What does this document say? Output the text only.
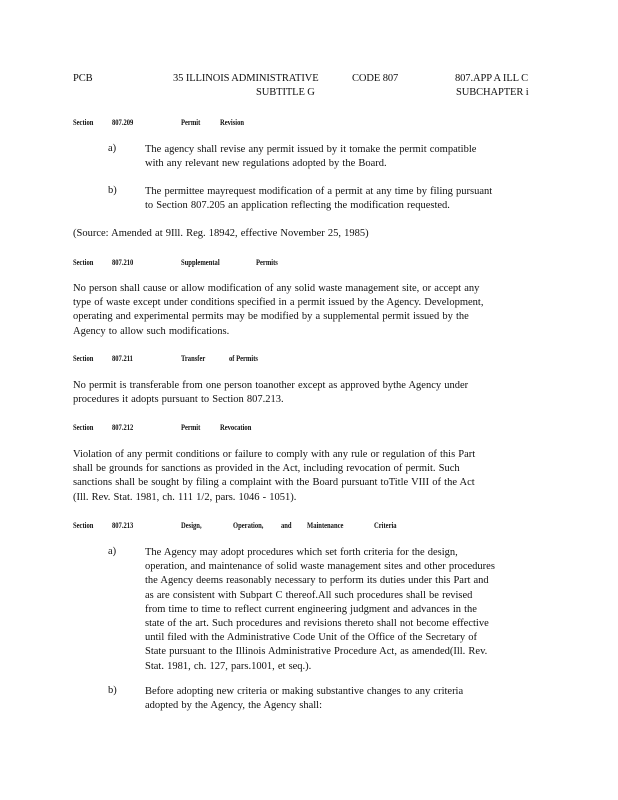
PCB	35 ILLINOIS ADMINISTRATIVE	CODE 807	807.APP A ILL C
SUBTITLE G	SUBCHAPTER i
Section 807.209	Permit Revision
a)	The agency shall revise any permit issued by it tomake the permit compatible
with any relevant new regulations adopted by the Board.
b)	The permittee mayrequest modification of a permit at any time by filing pursuant
to Section 807.205 an application reflecting the modification requested.
(Source: Amended at 9Ill. Reg. 18942, effective November 25, 1985)
Section 807.210	Supplemental	Permits
No person shall cause or allow modification of any solid waste management site, or accept any
type of waste except under conditions specified in a permit issued by the Agency. Development,
operating and experimental permits may be modified by a supplemental permit issued by the
Agency to allow such modifications.
Section 807.211	Transfer	of Permits
No permit is transferable from one person toanother except as approved bythe Agency under
procedures it adopts pursuant to Section 807.213.
Section 807.212	Permit Revocation
Violation of any permit conditions or failure to comply with any rule or regulation of this Part
shall be grounds for sanctions as provided in the Act, including revocation of permit. Such
sanctions shall be sought by filing a complaint with the Board pursuant toTitle VIII of the Act
(Ill. Rev. Stat. 1981, ch. 111 1/2, pars. 1046 - 1051).
Section 807.213	Design,	Operation, and Maintenance	Criteria
a)	The Agency may adopt procedures which set forth criteria for the design,
operation, and maintenance of solid waste management sites and other procedures
the Agency deems reasonably necessary to perform its duties under this Part and
as are consistent with Subpart C thereof.All such procedures shall be revised
from time to time to reflect current engineering judgment and advances in the
state of the art. Such procedures and revisions thereto shall not become effective
until filed with the Administrative Code Unit of the Office of the Secretary of
State pursuant to the Illinois Administrative Procedure Act, as amended(Ill. Rev.
Stat. 1981, ch. 127, pars.1001, et seq.).
b)	Before adopting new criteria or making substantive changes to any criteria
adopted by the Agency, the Agency shall:
